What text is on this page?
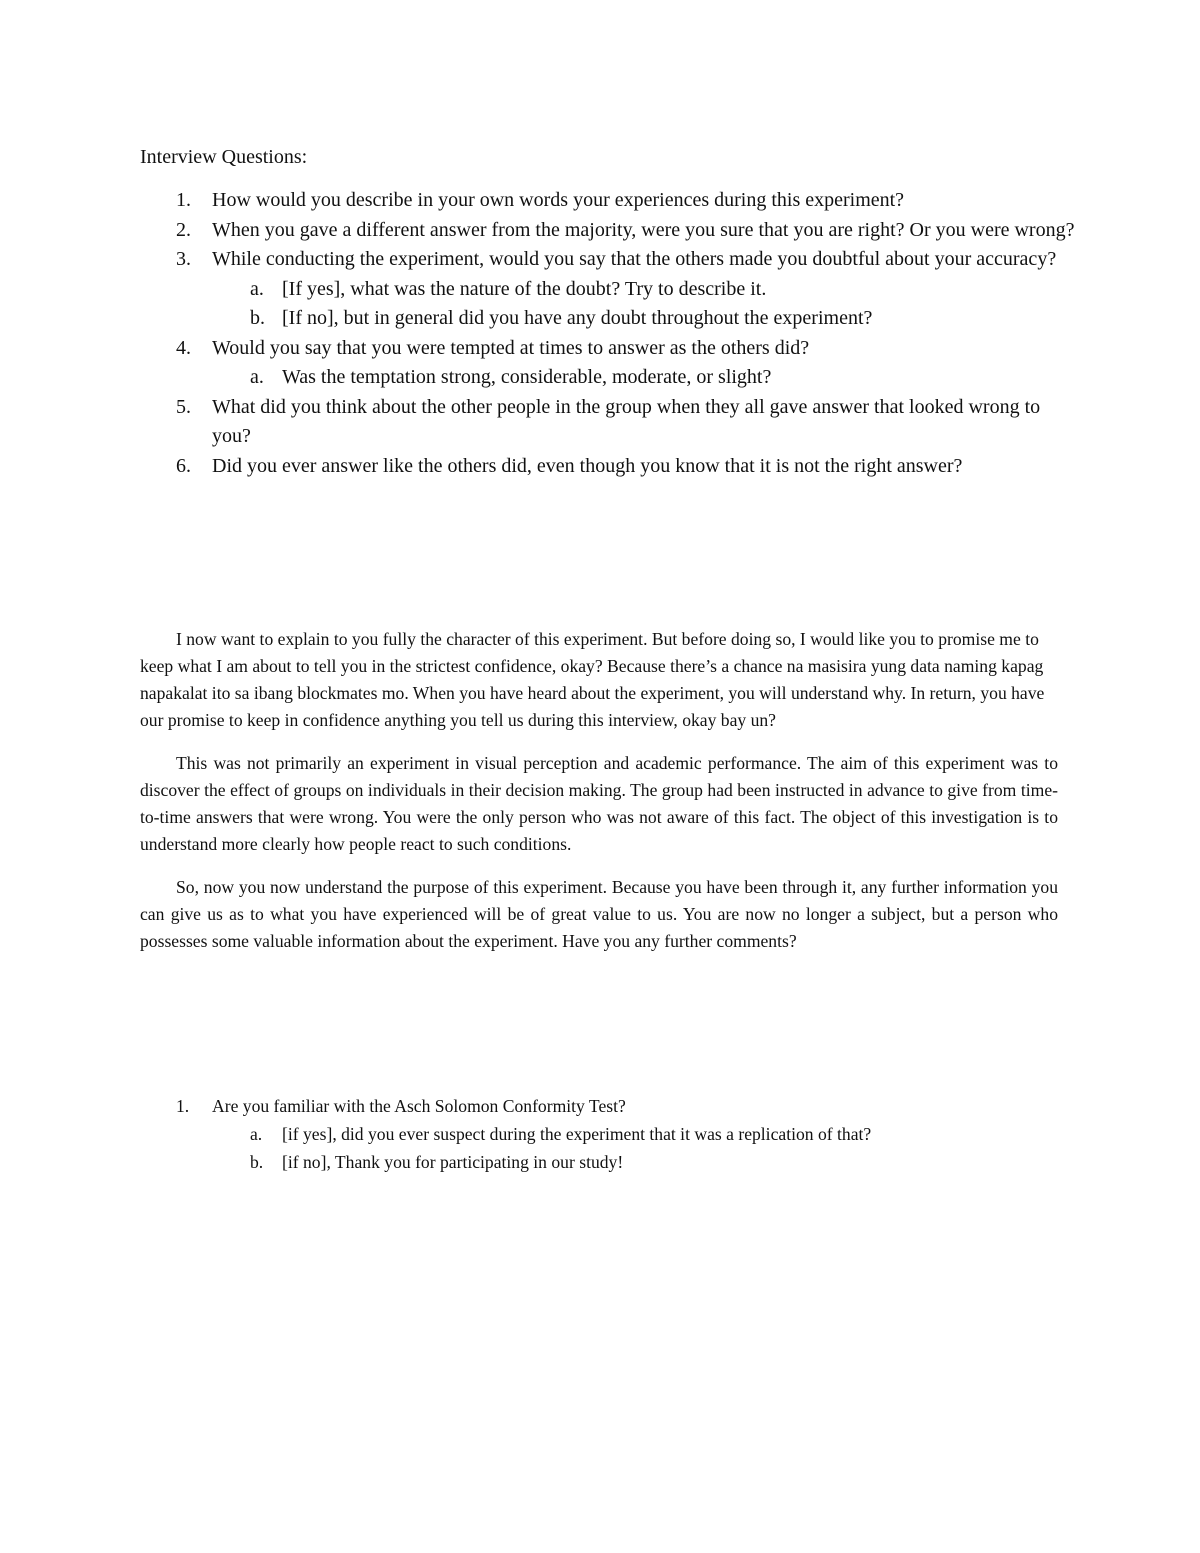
Interview Questions:
1. How would you describe in your own words your experiences during this experiment?
2. When you gave a different answer from the majority, were you sure that you are right? Or you were wrong?
3. While conducting the experiment, would you say that the others made you doubtful about your accuracy?
a. [If yes], what was the nature of the doubt? Try to describe it.
b. [If no], but in general did you have any doubt throughout the experiment?
4. Would you say that you were tempted at times to answer as the others did?
a. Was the temptation strong, considerable, moderate, or slight?
5. What did you think about the other people in the group when they all gave answer that looked wrong to you?
6. Did you ever answer like the others did, even though you know that it is not the right answer?

I now want to explain to you fully the character of this experiment. But before doing so, I would like you to promise me to keep what I am about to tell you in the strictest confidence, okay? Because there’s a chance na masisira yung data naming kapag napakalat ito sa ibang blockmates mo. When you have heard about the experiment, you will understand why. In return, you have our promise to keep in confidence anything you tell us during this interview, okay bay un?

This was not primarily an experiment in visual perception and academic performance. The aim of this experiment was to discover the effect of groups on individuals in their decision making. The group had been instructed in advance to give from time-to-time answers that were wrong. You were the only person who was not aware of this fact. The object of this investigation is to understand more clearly how people react to such conditions.

So, now you now understand the purpose of this experiment. Because you have been through it, any further information you can give us as to what you have experienced will be of great value to us. You are now no longer a subject, but a person who possesses some valuable information about the experiment. Have you any further comments?

1. Are you familiar with the Asch Solomon Conformity Test?
a. [if yes], did you ever suspect during the experiment that it was a replication of that?
b. [if no], Thank you for participating in our study!
